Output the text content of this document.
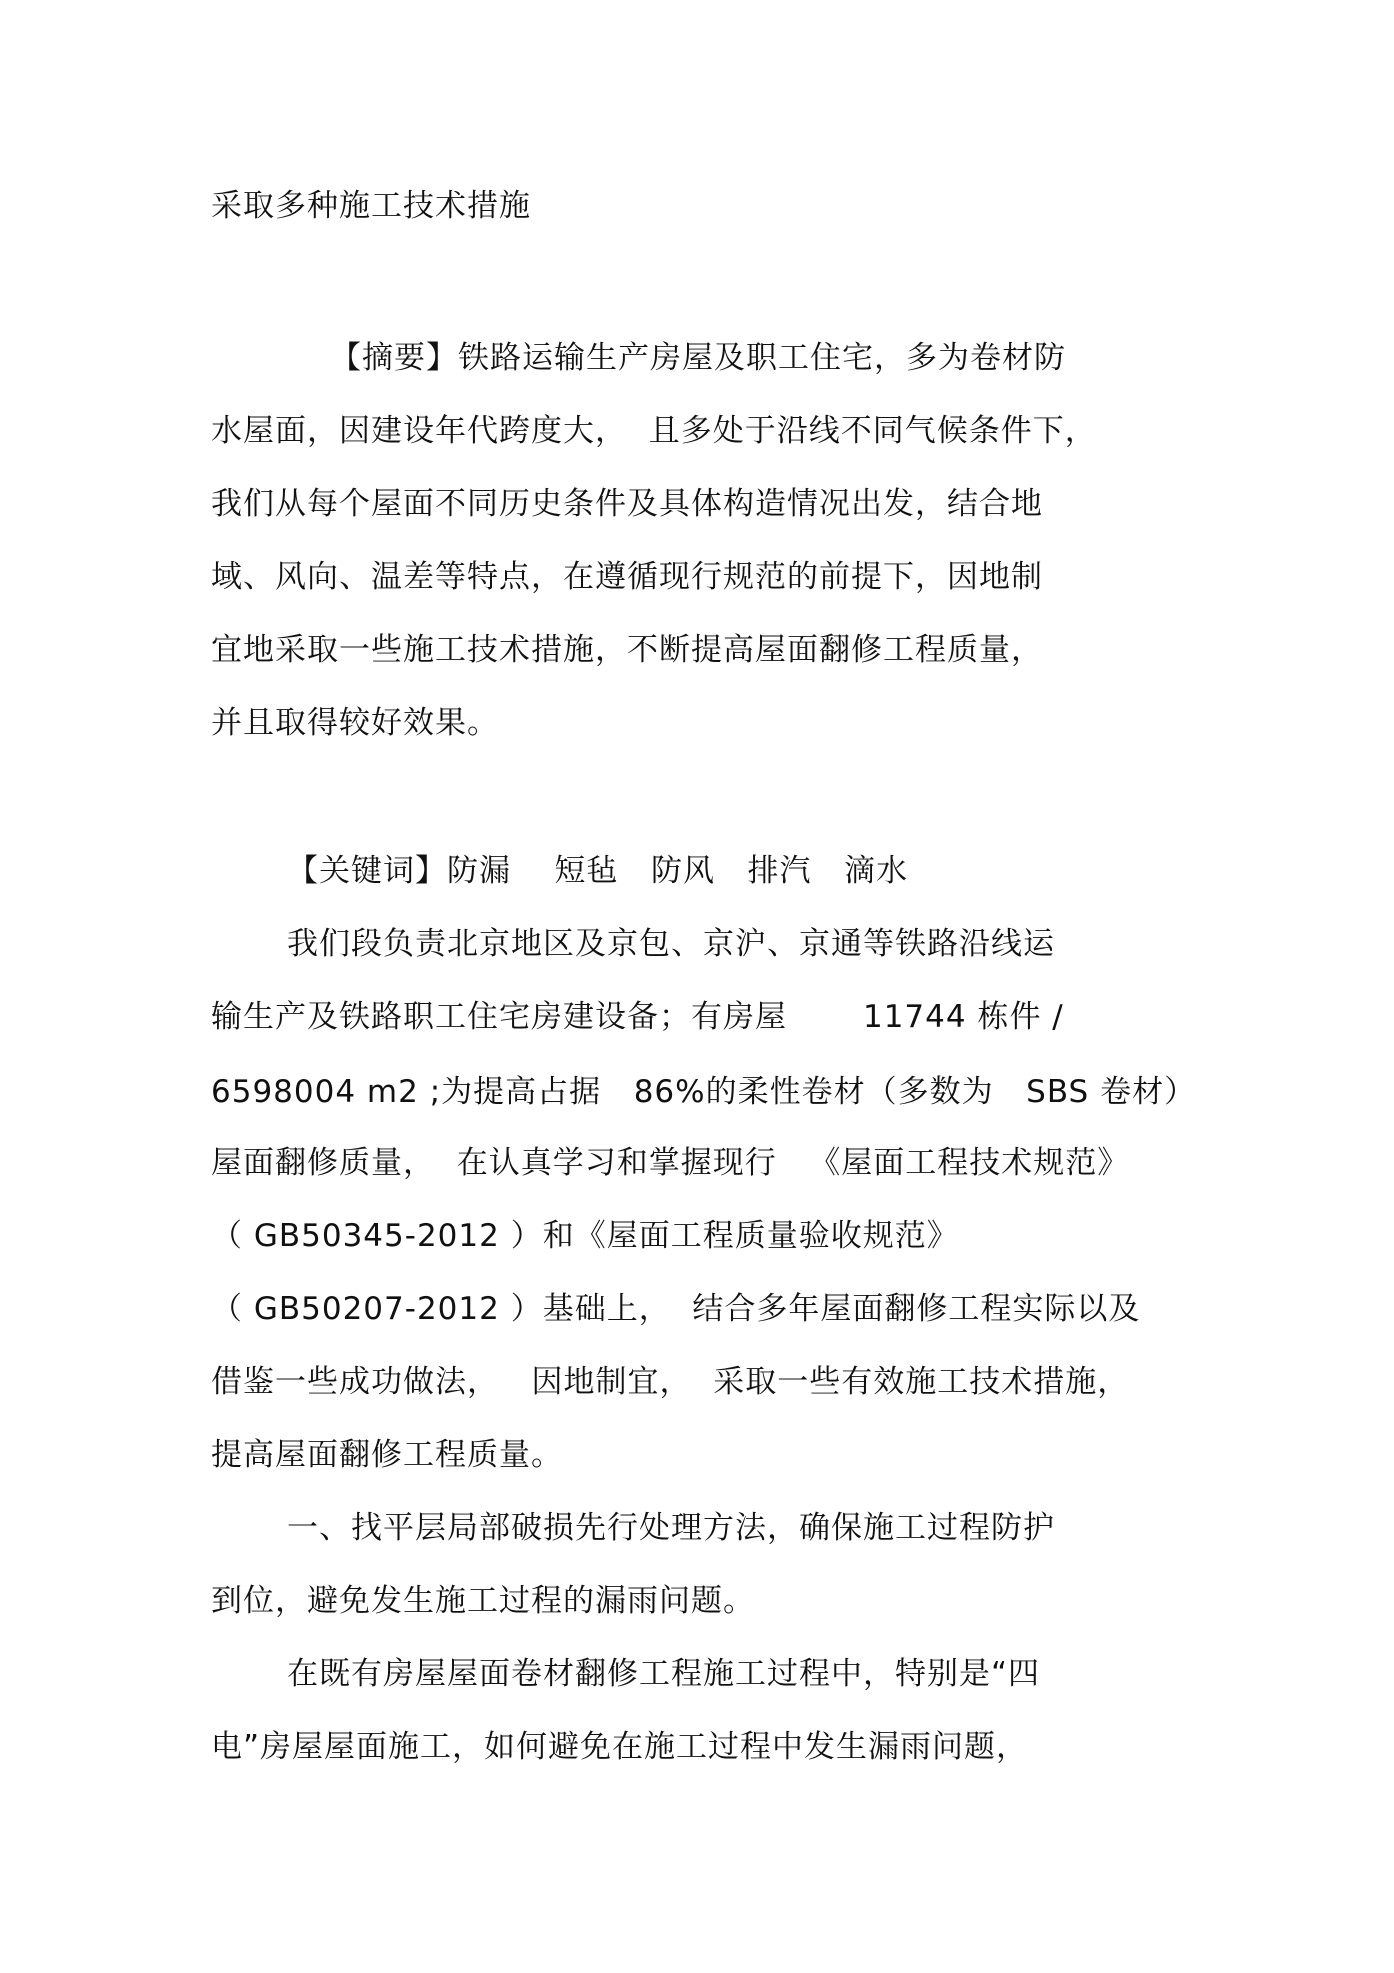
采取多种施工技术措施
【摘要】铁路运输生产房屋及职工住宅，多为卷材防
水屋面，因建设年代跨度大，  且多处于沿线不同气候条件下，
我们从每个屋面不同历史条件及具体构造情况出发，结合地
域、风向、温差等特点，在遵循现行规范的前提下，因地制
宜地采取一些施工技术措施，不断提高屋面翻修工程质量，
并且取得较好效果。
【关键词】防漏    短毡   防风   排汽   滴水
我们段负责北京地区及京包、京沪、京通等铁路沿线运
输生产及铁路职工住宅房建设备；有房屋       11744 栋件 /
6598004 m2 ;为提高占据   86%的柔性卷材（多数为   SBS 卷材）
屋面翻修质量，  在认真学习和掌握现行   《屋面工程技术规范》
（ GB50345-2012 ）和《屋面工程质量验收规范》
（ GB50207-2012 ）基础上，  结合多年屋面翻修工程实际以及
借鉴一些成功做法，   因地制宜，  采取一些有效施工技术措施，
提高屋面翻修工程质量。
一、找平层局部破损先行处理方法，确保施工过程防护
到位，避免发生施工过程的漏雨问题。
在既有房屋屋面卷材翻修工程施工过程中，特别是“四
电”房屋屋面施工，如何避免在施工过程中发生漏雨问题，
